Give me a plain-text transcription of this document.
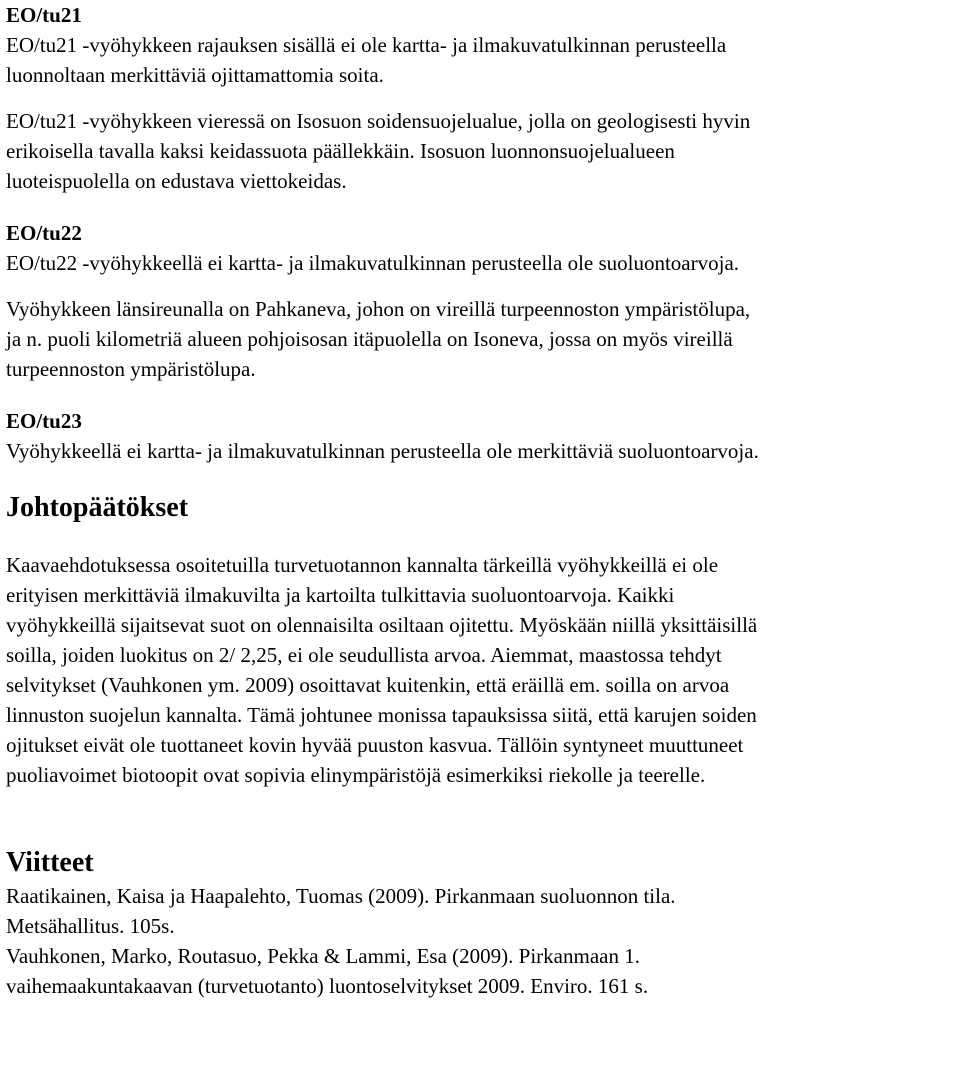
EO/tu21

EO/tu21 -vyöhykkeen rajauksen sisällä ei ole kartta- ja ilmakuvatulkinnan perusteella

luonnoltaan merkittäviä ojittamattomia soita.

EO/tu21 -vyöhykkeen vieressä on Isosuon soidensuojelualue, jolla on geologisesti hyvin

erikoisella tavalla kaksi keidassuota päällekkäin. Isosuon luonnonsuojelualueen

luoteispuolella on edustava viettokeidas.

EO/tu22

EO/tu22 -vyöhykkeellä ei kartta- ja ilmakuvatulkinnan perusteella ole suoluontoarvoja.

Vyöhykkeen länsireunalla on Pahkaneva, johon on vireillä turpeennoston ympäristölupa,

ja n. puoli kilometriä alueen pohjoisosan itäpuolella on Isoneva, jossa on myös vireillä

turpeennoston ympäristölupa.

EO/tu23

Vyöhykkeellä ei kartta- ja ilmakuvatulkinnan perusteella ole merkittäviä suoluontoarvoja.

Johtopäätökset

Kaavaehdotuksessa osoitetuilla turvetuotannon kannalta tärkeillä vyöhykkeillä ei ole

erityisen merkittäviä ilmakuvilta ja kartoilta tulkittavia suoluontoarvoja. Kaikki

vyöhykkeillä sijaitsevat suot on olennaisilta osiltaan ojitettu. Myöskään niillä yksittäisillä

soilla, joiden luokitus on 2/ 2,25, ei ole seudullista arvoa. Aiemmat, maastossa tehdyt

selvitykset (Vauhkonen ym. 2009) osoittavat kuitenkin, että eräillä em. soilla on arvoa

linnuston suojelun kannalta. Tämä johtunee monissa tapauksissa siitä, että karujen soiden

ojitukset eivät ole tuottaneet kovin hyvää puuston kasvua. Tällöin syntyneet muuttuneet

puoliavoimet biotoopit ovat sopivia elinympäristöjä esimerkiksi riekolle ja teerelle.

Viitteet

Raatikainen, Kaisa ja Haapalehto, Tuomas (2009). Pirkanmaan suoluonnon tila.

Metsähallitus. 105s.

Vauhkonen, Marko, Routasuo, Pekka & Lammi, Esa (2009). Pirkanmaan 1.

vaihemaakuntakaavan (turvetuotanto) luontoselvitykset 2009. Enviro. 161 s.
